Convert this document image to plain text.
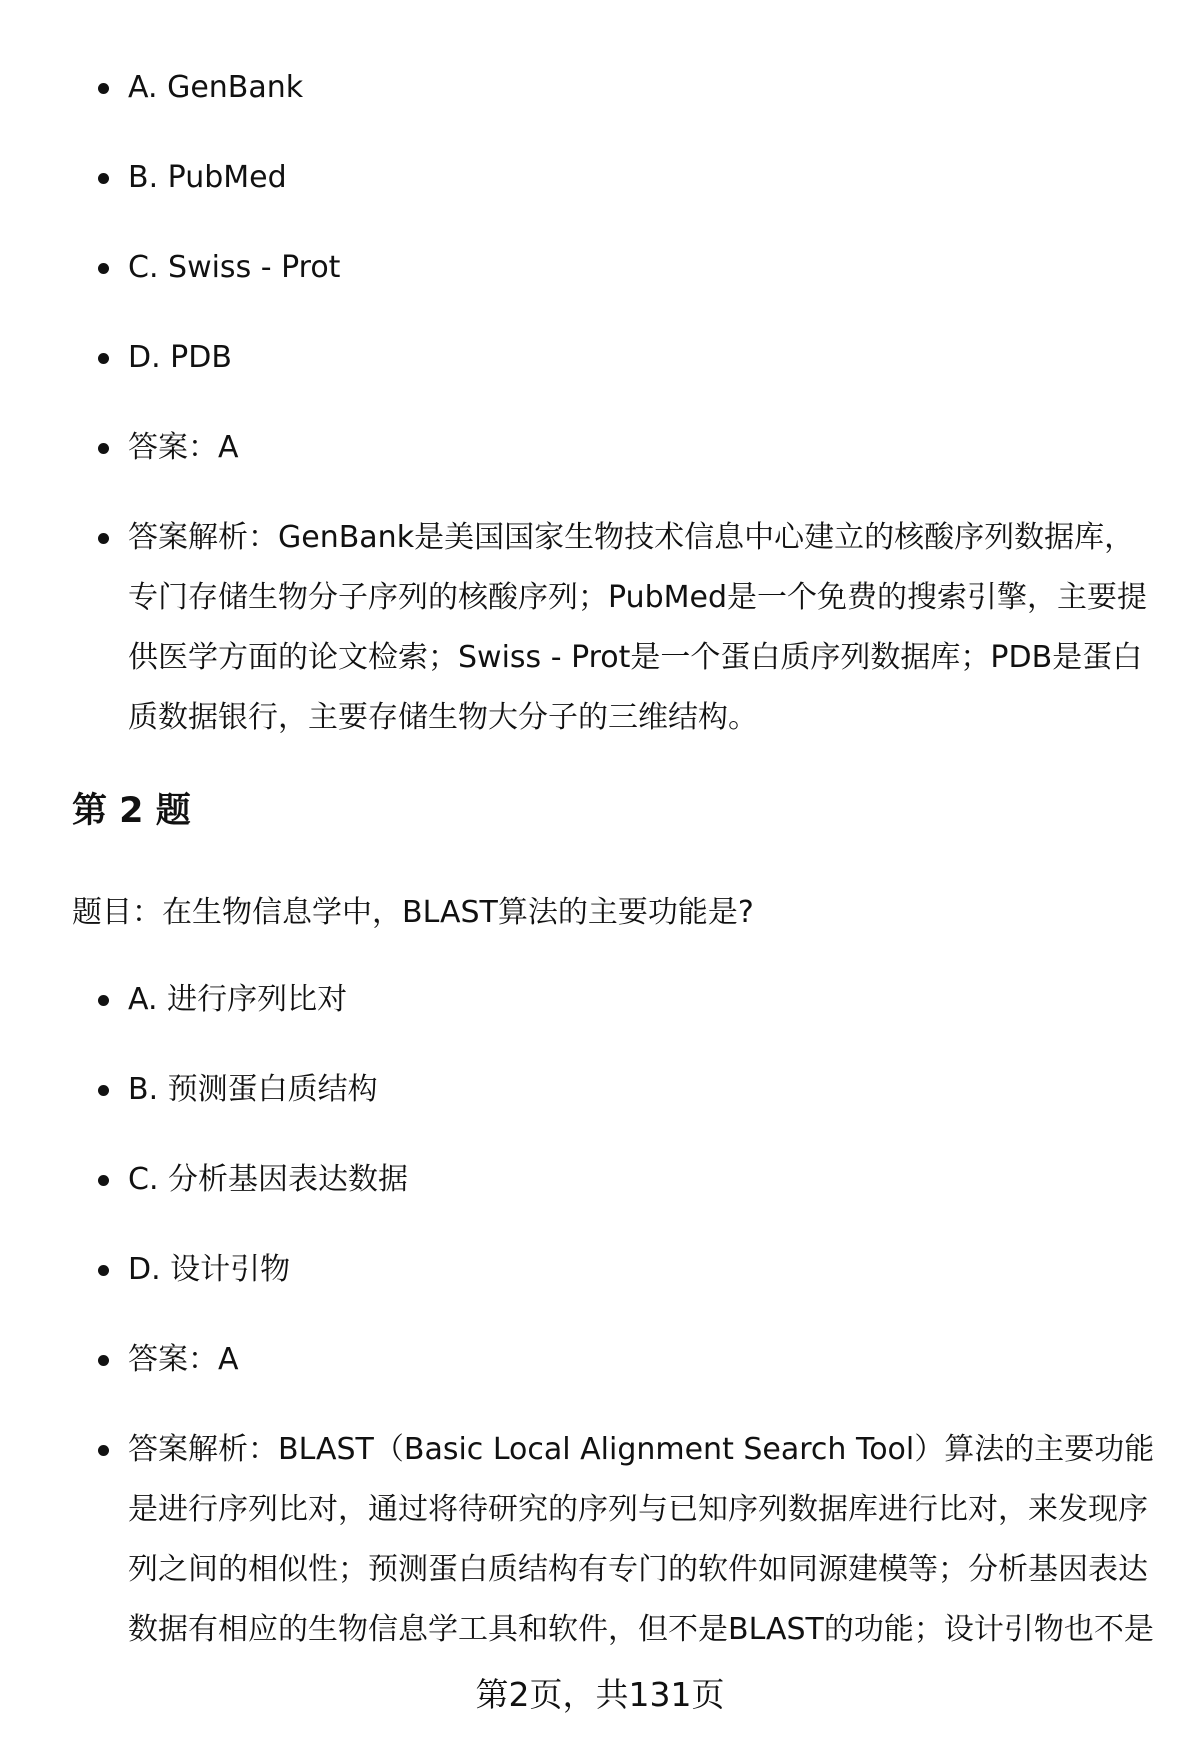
A. GenBank
B. PubMed
C. Swiss - Prot
D. PDB
答案：A
答案解析：GenBank是美国国家生物技术信息中心建立的核酸序列数据库，专门存储生物分子序列的核酸序列；PubMed是一个免费的搜索引擎，主要提供医学方面的论文检索；Swiss - Prot是一个蛋白质序列数据库；PDB是蛋白质数据银行，主要存储生物大分子的三维结构。
第 2 题

题目：在生物信息学中，BLAST算法的主要功能是?

A. 进行序列比对
B. 预测蛋白质结构
C. 分析基因表达数据
D. 设计引物
答案：A
答案解析：BLAST（Basic Local Alignment Search Tool）算法的主要功能是进行序列比对，通过将待研究的序列与已知序列数据库进行比对，来发现序列之间的相似性；预测蛋白质结构有专门的软件如同源建模等；分析基因表达数据有相应的生物信息学工具和软件，但不是BLAST的功能；设计引物也不是
第2页，共131页
